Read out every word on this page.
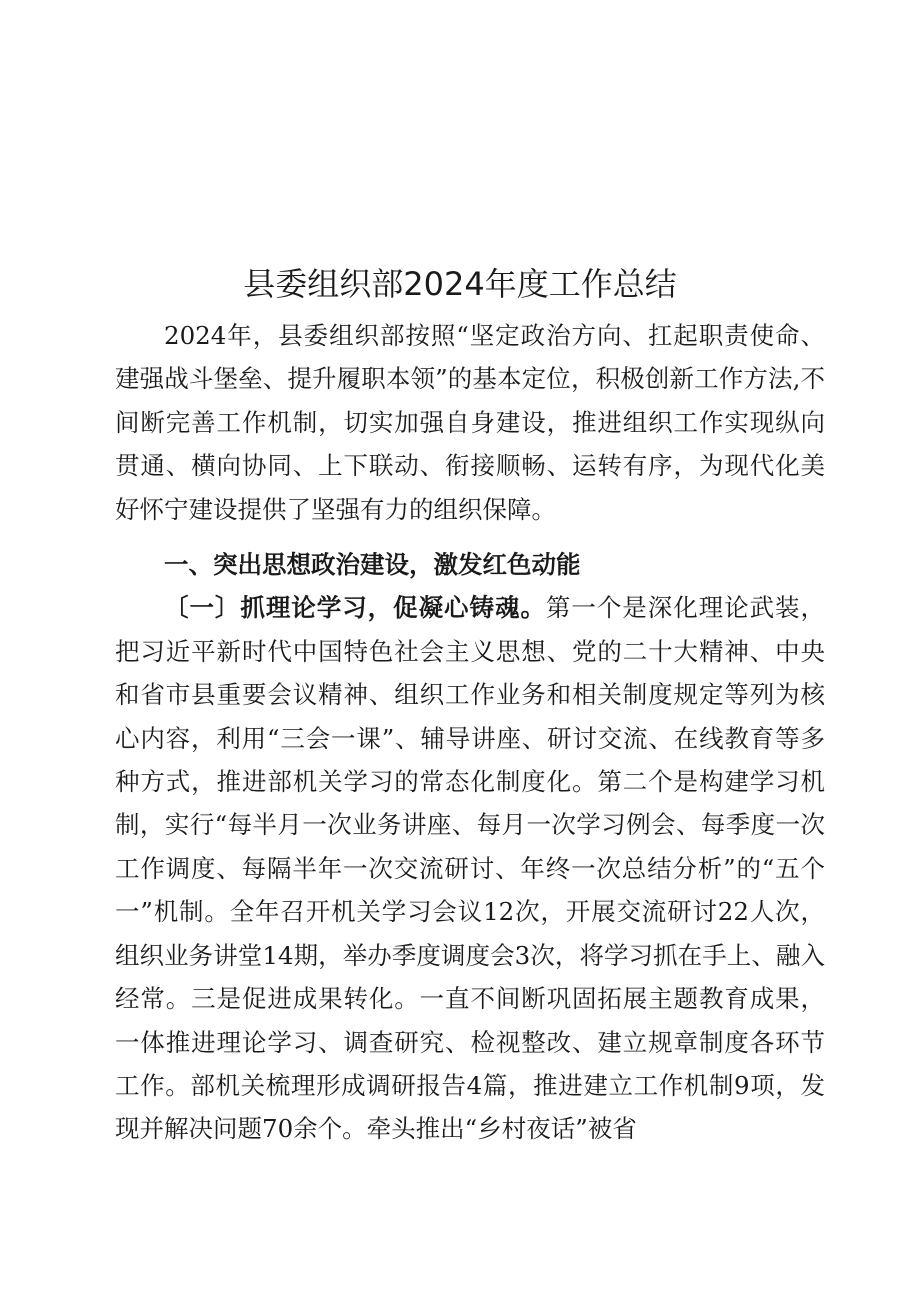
县委组织部2024年度工作总结

2024年，县委组织部按照“坚定政治方向、扛起职责使命、建强战斗堡垒、提升履职本领”的基本定位，积极创新工作方法,不间断完善工作机制，切实加强自身建设，推进组织工作实现纵向贯通、横向协同、上下联动、衔接顺畅、运转有序，为现代化美好怀宁建设提供了坚强有力的组织保障。

一、突出思想政治建设，激发红色动能

〔一〕抓理论学习，促凝心铸魂。第一个是深化理论武装，把习近平新时代中国特色社会主义思想、党的二十大精神、中央和省市县重要会议精神、组织工作业务和相关制度规定等列为核心内容，利用“三会一课”、辅导讲座、研讨交流、在线教育等多种方式，推进部机关学习的常态化制度化。第二个是构建学习机制，实行“每半月一次业务讲座、每月一次学习例会、每季度一次工作调度、每隔半年一次交流研讨、年终一次总结分析”的“五个一”机制。全年召开机关学习会议12次，开展交流研讨22人次，组织业务讲堂14期，举办季度调度会3次，将学习抓在手上、融入经常。三是促进成果转化。一直不间断巩固拓展主题教育成果，一体推进理论学习、调查研究、检视整改、建立规章制度各环节工作。部机关梳理形成调研报告4篇，推进建立工作机制9项，发现并解决问题70余个。牵头推出“乡村夜话”被省
